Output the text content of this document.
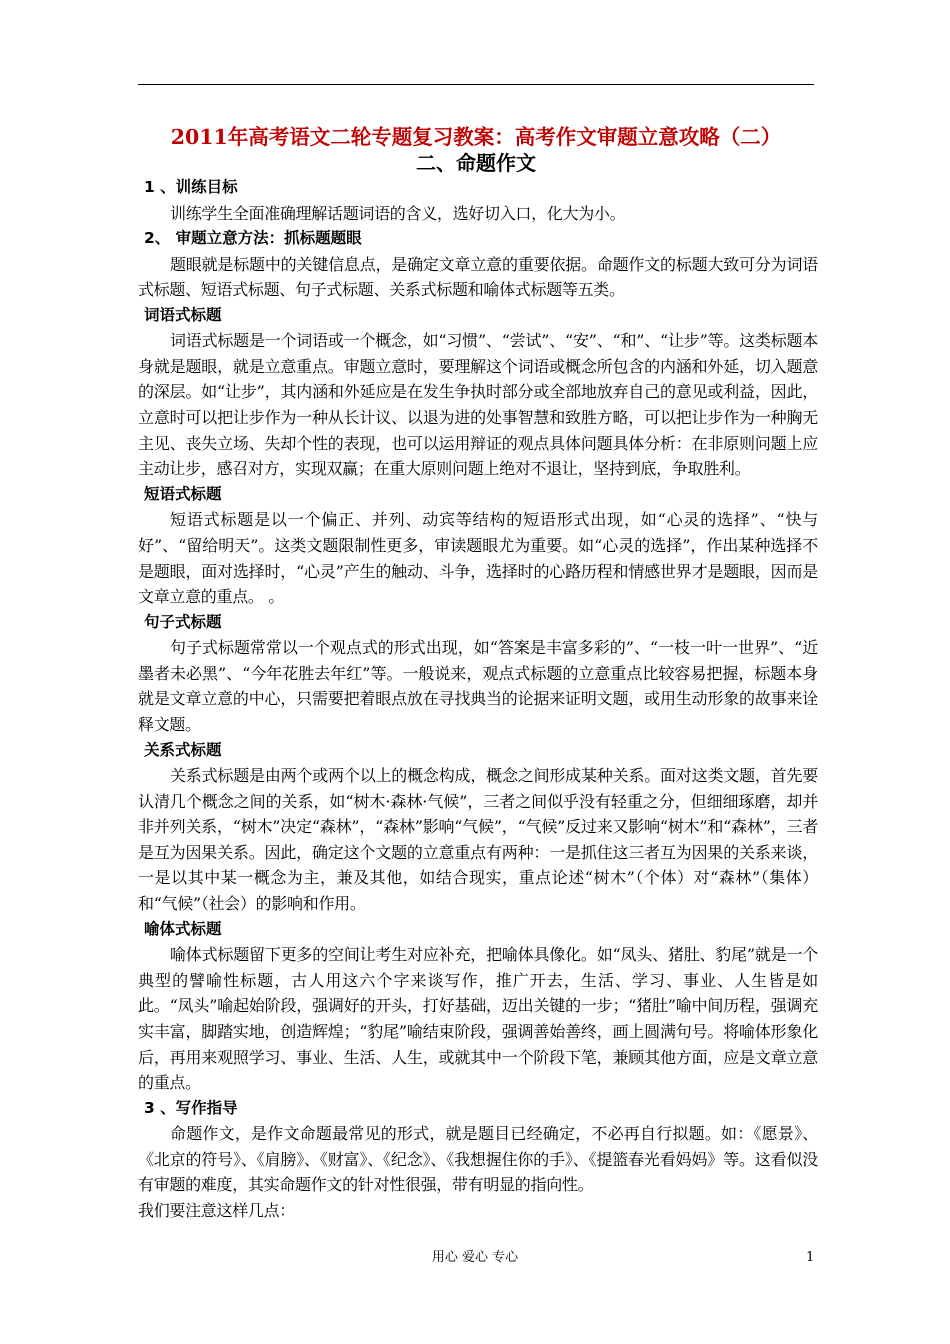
2011年高考语文二轮专题复习教案：高考作文审题立意攻略（二）
二、命题作文

1 、训练目标

训练学生全面准确理解话题词语的含义，选好切入口，化大为小。

2、 审题立意方法：抓标题题眼

题眼就是标题中的关键信息点，是确定文章立意的重要依据。命题作文的标题大致可分为词语式标题、短语式标题、句子式标题、关系式标题和喻体式标题等五类。

词语式标题

词语式标题是一个词语或一个概念，如“习惯”、“尝试”、“安”、“和”、“让步”等。这类标题本身就是题眼，就是立意重点。审题立意时，要理解这个词语或概念所包含的内涵和外延，切入题意的深层。如“让步”，其内涵和外延应是在发生争执时部分或全部地放弃自己的意见或利益，因此，立意时可以把让步作为一种从长计议、以退为进的处事智慧和致胜方略，可以把让步作为一种胸无主见、丧失立场、失却个性的表现，也可以运用辩证的观点具体问题具体分析：在非原则问题上应主动让步，感召对方，实现双赢；在重大原则问题上绝对不退让，坚持到底，争取胜利。

短语式标题

短语式标题是以一个偏正、并列、动宾等结构的短语形式出现，如“心灵的选择”、“快与好”、“留给明天”。这类文题限制性更多，审读题眼尤为重要。如“心灵的选择”，作出某种选择不是题眼，面对选择时，“心灵”产生的触动、斗争，选择时的心路历程和情感世界才是题眼，因而是文章立意的重点。 。

句子式标题

句子式标题常常以一个观点式的形式出现，如“答案是丰富多彩的”、“一枝一叶一世界”、“近墨者未必黑”、“今年花胜去年红”等。一般说来，观点式标题的立意重点比较容易把握，标题本身就是文章立意的中心，只需要把着眼点放在寻找典当的论据来证明文题，或用生动形象的故事来诠释文题。

关系式标题

关系式标题是由两个或两个以上的概念构成，概念之间形成某种关系。面对这类文题，首先要认清几个概念之间的关系，如“树木·森林·气候”，三者之间似乎没有轻重之分，但细细琢磨，却并非并列关系，“树木”决定“森林”，“森林”影响“气候”，“气候”反过来又影响“树木”和“森林”，三者是互为因果关系。因此，确定这个文题的立意重点有两种：一是抓住这三者互为因果的关系来谈，一是以其中某一概念为主，兼及其他，如结合现实，重点论述“树木”（个体）对“森林”（集体）和“气候”（社会）的影响和作用。

喻体式标题

喻体式标题留下更多的空间让考生对应补充，把喻体具像化。如“凤头、猪肚、豹尾”就是一个典型的譬喻性标题，古人用这六个字来谈写作，推广开去，生活、学习、事业、人生皆是如此。“凤头”喻起始阶段，强调好的开头，打好基础，迈出关键的一步；“猪肚”喻中间历程，强调充实丰富，脚踏实地，创造辉煌；“豹尾”喻结束阶段，强调善始善终，画上圆满句号。将喻体形象化后，再用来观照学习、事业、生活、人生，或就其中一个阶段下笔，兼顾其他方面，应是文章立意的重点。

3 、写作指导

命题作文，是作文命题最常见的形式，就是题目已经确定，不必再自行拟题。如：《愿景》、《北京的符号》、《肩膀》、《财富》、《纪念》、《我想握住你的手》、《提篮春光看妈妈》等。这看似没有审题的难度，其实命题作文的针对性很强，带有明显的指向性。

我们要注意这样几点：

用心 爱心 专心	1
